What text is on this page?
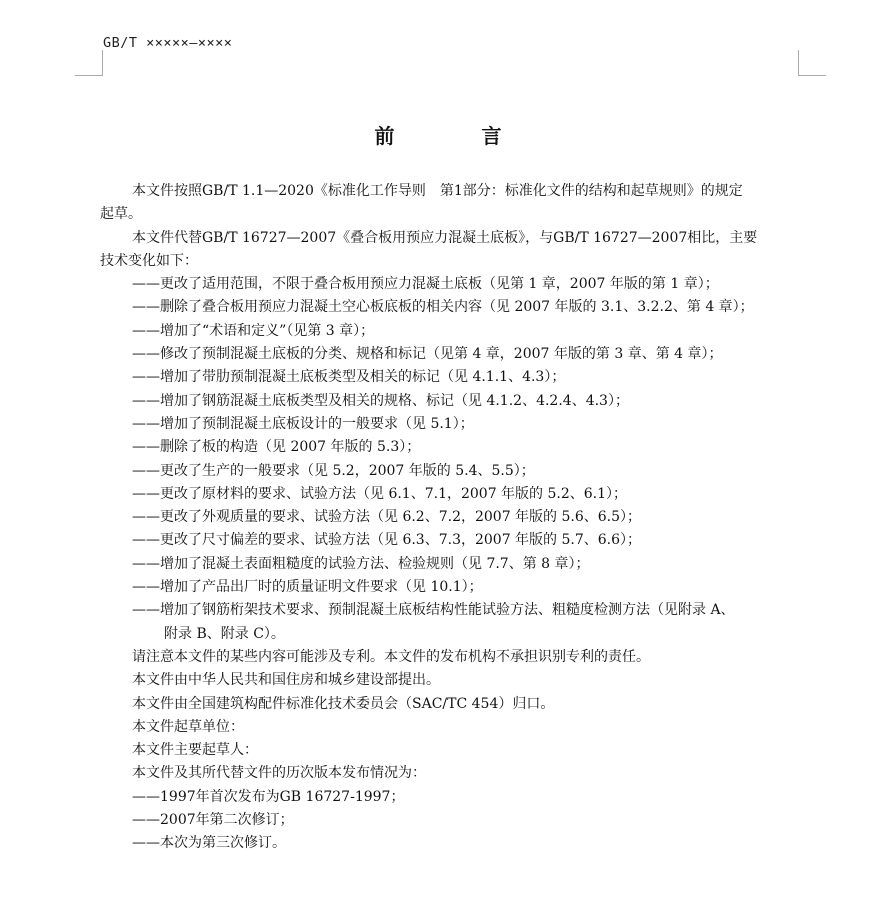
GB/T ×××××—××××
前 言

本文件按照GB/T 1.1—2020《标准化工作导则　第1部分：标准化文件的结构和起草规则》的规定
起草。

本文件代替GB/T 16727—2007《叠合板用预应力混凝土底板》，与GB/T 16727—2007相比，主要
技术变化如下：

——更改了适用范围，不限于叠合板用预应力混凝土底板（见第 1 章，2007 年版的第 1 章）；

——删除了叠合板用预应力混凝土空心板底板的相关内容（见 2007 年版的 3.1、3.2.2、第 4 章）；

——增加了“术语和定义”（见第 3 章）；

——修改了预制混凝土底板的分类、规格和标记（见第 4 章，2007 年版的第 3 章、第 4 章）；

——增加了带肋预制混凝土底板类型及相关的标记（见 4.1.1、4.3）；

——增加了钢筋混凝土底板类型及相关的规格、标记（见 4.1.2、4.2.4、4.3）；

——增加了预制混凝土底板设计的一般要求（见 5.1）；

——删除了板的构造（见 2007 年版的 5.3）；

——更改了生产的一般要求（见 5.2，2007 年版的 5.4、5.5）；

——更改了原材料的要求、试验方法（见 6.1、7.1，2007 年版的 5.2、6.1）；

——更改了外观质量的要求、试验方法（见 6.2、7.2，2007 年版的 5.6、6.5）；

——更改了尺寸偏差的要求、试验方法（见 6.3、7.3，2007 年版的 5.7、6.6）；

——增加了混凝土表面粗糙度的试验方法、检验规则（见 7.7、第 8 章）；

——增加了产品出厂时的质量证明文件要求（见 10.1）；

——增加了钢筋桁架技术要求、预制混凝土底板结构性能试验方法、粗糙度检测方法（见附录 A、
附录 B、附录 C）。

请注意本文件的某些内容可能涉及专利。本文件的发布机构不承担识别专利的责任。

本文件由中华人民共和国住房和城乡建设部提出。

本文件由全国建筑构配件标准化技术委员会（SAC/TC 454）归口。

本文件起草单位：

本文件主要起草人：

本文件及其所代替文件的历次版本发布情况为：

——1997年首次发布为GB 16727-1997；

——2007年第二次修订；

——本次为第三次修订。
